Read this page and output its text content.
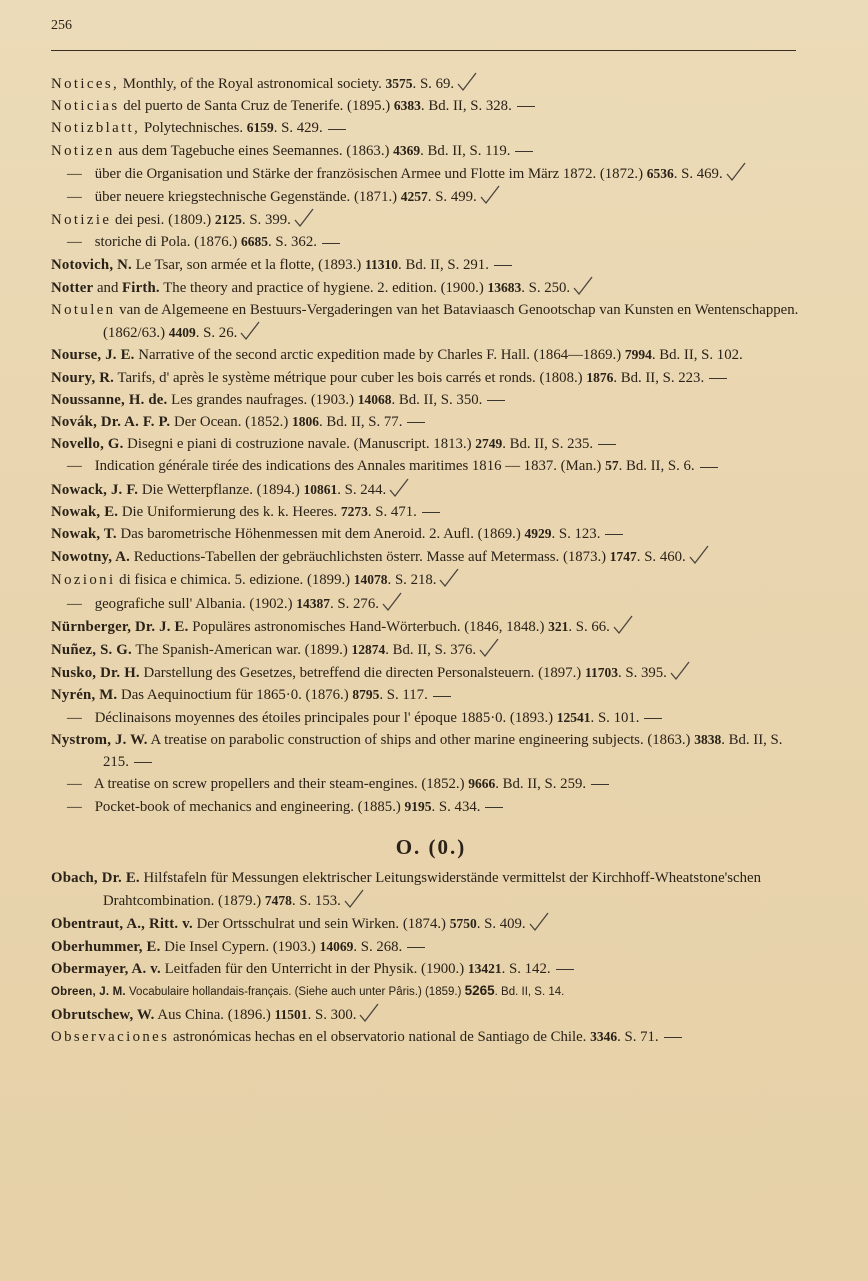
256

Notices, Monthly, of the Royal astronomical society. 3575. S. 69.

Noticias del puerto de Santa Cruz de Tenerife. (1895.) 6383. Bd. II, S. 328.

Notizblatt, Polytechnisches. 6159. S. 429.

Notizen aus dem Tagebuche eines Seemannes. (1863.) 4369. Bd. II, S. 119.

— über die Organisation und Stärke der französischen Armee und Flotte im März 1872. (1872.) 6536. S. 469.

— über neuere kriegstechnische Gegenstände. (1871.) 4257. S. 499.

Notizie dei pesi. (1809.) 2125. S. 399.

— storiche di Pola. (1876.) 6685. S. 362.

Notovich, N. Le Tsar, son armée et la flotte, (1893.) 11310. Bd. II, S. 291.

Notter and Firth. The theory and practice of hygiene. 2. edition. (1900.) 13683. S. 250.

Notulen van de Algemeene en Bestuurs-Vergaderingen van het Bataviaasch Genootschap van Kunsten en Wentenschappen. (1862/63.) 4409. S. 26.

Nourse, J. E. Narrative of the second arctic expedition made by Charles F. Hall. (1864—1869.) 7994. Bd. II, S. 102.

Noury, R. Tarifs, d' après le système métrique pour cuber les bois carrés et ronds. (1808.) 1876. Bd. II, S. 223.

Noussanne, H. de. Les grandes naufrages. (1903.) 14068. Bd. II, S. 350.

Novák, Dr. A. F. P. Der Ocean. (1852.) 1806. Bd. II, S. 77.

Novello, G. Disegni e piani di costruzione navale. (Manuscript. 1813.) 2749. Bd. II, S. 235.

— Indication générale tirée des indications des Annales maritimes 1816 — 1837. (Man.) 57. Bd. II, S. 6.

Nowack, J. F. Die Wetterpflanze. (1894.) 10861. S. 244.

Nowak, E. Die Uniformierung des k. k. Heeres. 7273. S. 471.

Nowak, T. Das barometrische Höhenmessen mit dem Aneroid. 2. Aufl. (1869.) 4929. S. 123.

Nowotny, A. Reductions-Tabellen der gebräuchlichsten österr. Masse auf Metermass. (1873.) 1747. S. 460.

Nozioni di fisica e chimica. 5. edizione. (1899.) 14078. S. 218.

— geografiche sull' Albania. (1902.) 14387. S. 276.

Nürnberger, Dr. J. E. Populäres astronomisches Hand-Wörterbuch. (1846, 1848.) 321. S. 66.

Nuñez, S. G. The Spanish-American war. (1899.) 12874. Bd. II, S. 376.

Nusko, Dr. H. Darstellung des Gesetzes, betreffend die directen Personalsteuern. (1897.) 11703. S. 395.

Nyrén, M. Das Aequinoctium für 1865·0. (1876.) 8795. S. 117.

— Déclinaisons moyennes des étoiles principales pour l' époque 1885·0. (1893.) 12541. S. 101.

Nystrom, J. W. A treatise on parabolic construction of ships and other marine engineering subjects. (1863.) 3838. Bd. II, S. 215.

— A treatise on screw propellers and their steam-engines. (1852.) 9666. Bd. II, S. 259.

— Pocket-book of mechanics and engineering. (1885.) 9195. S. 434.

O. (0.)

Obach, Dr. E. Hilfstafeln für Messungen elektrischer Leitungswiderstände vermittelst der Kirchhoff-Wheatstone'schen Drahtcombination. (1879.) 7478. S. 153.

Obentraut, A., Ritt. v. Der Ortsschulrat und sein Wirken. (1874.) 5750. S. 409.

Oberhummer, E. Die Insel Cypern. (1903.) 14069. S. 268.

Obermayer, A. v. Leitfaden für den Unterricht in der Physik. (1900.) 13421. S. 142.

Obreen, J. M. Vocabulaire hollandais-français. (Siehe auch unter Pâris.) (1859.) 5265. Bd. II, S. 14.

Obrutschew, W. Aus China. (1896.) 11501. S. 300.

Observaciones astronómicas hechas en el observatorio national de Santiago de Chile. 3346. S. 71.
